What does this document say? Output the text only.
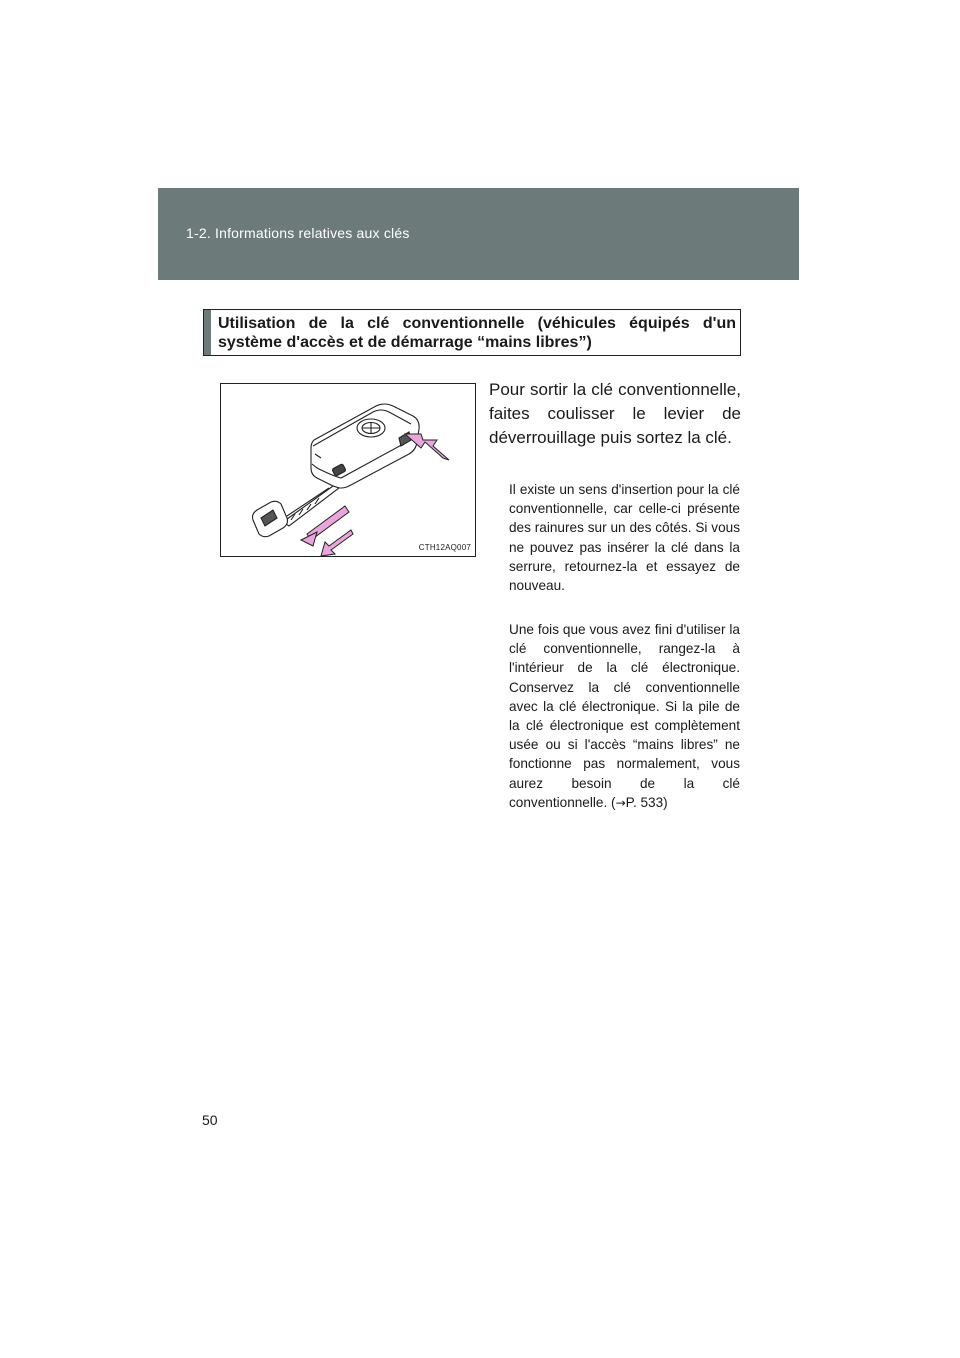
1-2. Informations relatives aux clés
Utilisation de la clé conventionnelle (véhicules équipés d'un système d'accès et de démarrage “mains libres”)
CTH12AQ007
Pour sortir la clé conventionnelle, faites coulisser le levier de déverrouillage puis sortez la clé.
Il existe un sens d'insertion pour la clé conventionnelle, car celle-ci présente des rainures sur un des côtés. Si vous ne pouvez pas insérer la clé dans la serrure, retournez-la et essayez de nouveau.
Une fois que vous avez fini d'utiliser la clé conventionnelle, rangez-la à l'intérieur de la clé électronique. Conservez la clé conventionnelle avec la clé électronique. Si la pile de la clé électronique est complètement usée ou si l'accès “mains libres” ne fonctionne pas normalement, vous aurez besoin de la clé conventionnelle. (→P. 533)
50
